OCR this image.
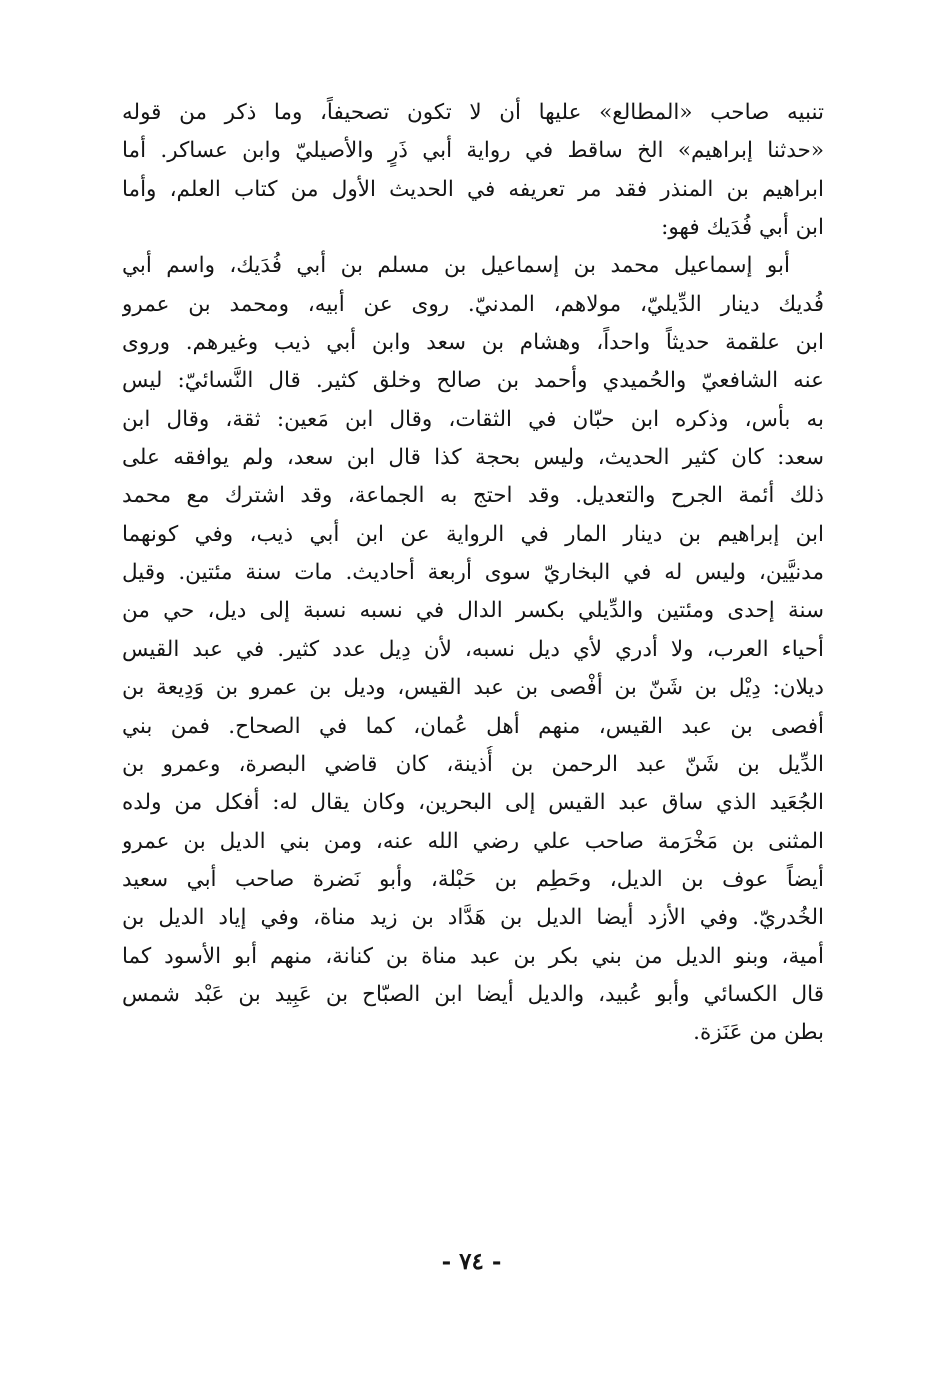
تنبيه صاحب «المطالع» عليها أن لا تكون تصحيفاً، وما ذكر من قوله
«حدثنا إبراهيم» الخ ساقط في رواية أبي ذَرٍ والأصيليّ وابن عساكر. أما
ابراهيم بن المنذر فقد مر تعريفه في الحديث الأول من كتاب العلم، وأما
ابن أبي فُدَيك فهو:
أبو إسماعيل محمد بن إسماعيل بن مسلم بن أبي فُدَيك، واسم أبي
فُديك دينار الدِّيليّ، مولاهم، المدنيّ. روى عن أبيه، ومحمد بن عمرو
ابن علقمة حديثاً واحداً، وهشام بن سعد وابن أبي ذيب وغيرهم. وروى
عنه الشافعيّ والحُميدي وأحمد بن صالح وخلق كثير. قال النَّسائيّ: ليس
به بأس، وذكره ابن حبّان في الثقات، وقال ابن مَعين: ثقة، وقال ابن
سعد: كان كثير الحديث، وليس بحجة كذا قال ابن سعد، ولم يوافقه على
ذلك أئمة الجرح والتعديل. وقد احتج به الجماعة، وقد اشترك مع محمد
ابن إبراهيم بن دينار المار في الرواية عن ابن أبي ذيب، وفي كونهما
مدنيَّين، وليس له في البخاريّ سوى أربعة أحاديث. مات سنة مئتين. وقيل
سنة إحدى ومئتين والدِّيلي بكسر الدال في نسبه نسبة إلى ديل، حي من
أحياء العرب، ولا أدري لأي ديل نسبه، لأن دِيل عدد كثير. في عبد القيس
ديلان: دِيْل بن شَنّ بن أفْصى بن عبد القيس، وديل بن عمرو بن وَدِيعة بن
أفصى بن عبد القيس، منهم أهل عُمان، كما في الصحاح. فمن بني
الدِّيل بن شَنّ عبد الرحمن بن أُذينة، كان قاضي البصرة، وعمرو بن
الجُعَيد الذي ساق عبد القيس إلى البحرين، وكان يقال له: أفكل من ولده
المثنى بن مَخْرَمة صاحب علي رضي الله عنه، ومن بني الديل بن عمرو
أيضاً عوف بن الديل، وحَطِم بن حَبْلة، وأبو نَضرة صاحب أبي سعيد
الخُدريّ. وفي الأزد أيضا الديل بن هَدَّاد بن زيد مناة، وفي إياد الديل بن
أمية، وبنو الديل من بني بكر بن عبد مناة بن كنانة، منهم أبو الأسود كما
قال الكسائي وأبو عُبيد، والديل أيضا ابن الصبّاح بن عَبِيد بن عَبْد شمس
بطن من عَنَزة.
- ٧٤ -
